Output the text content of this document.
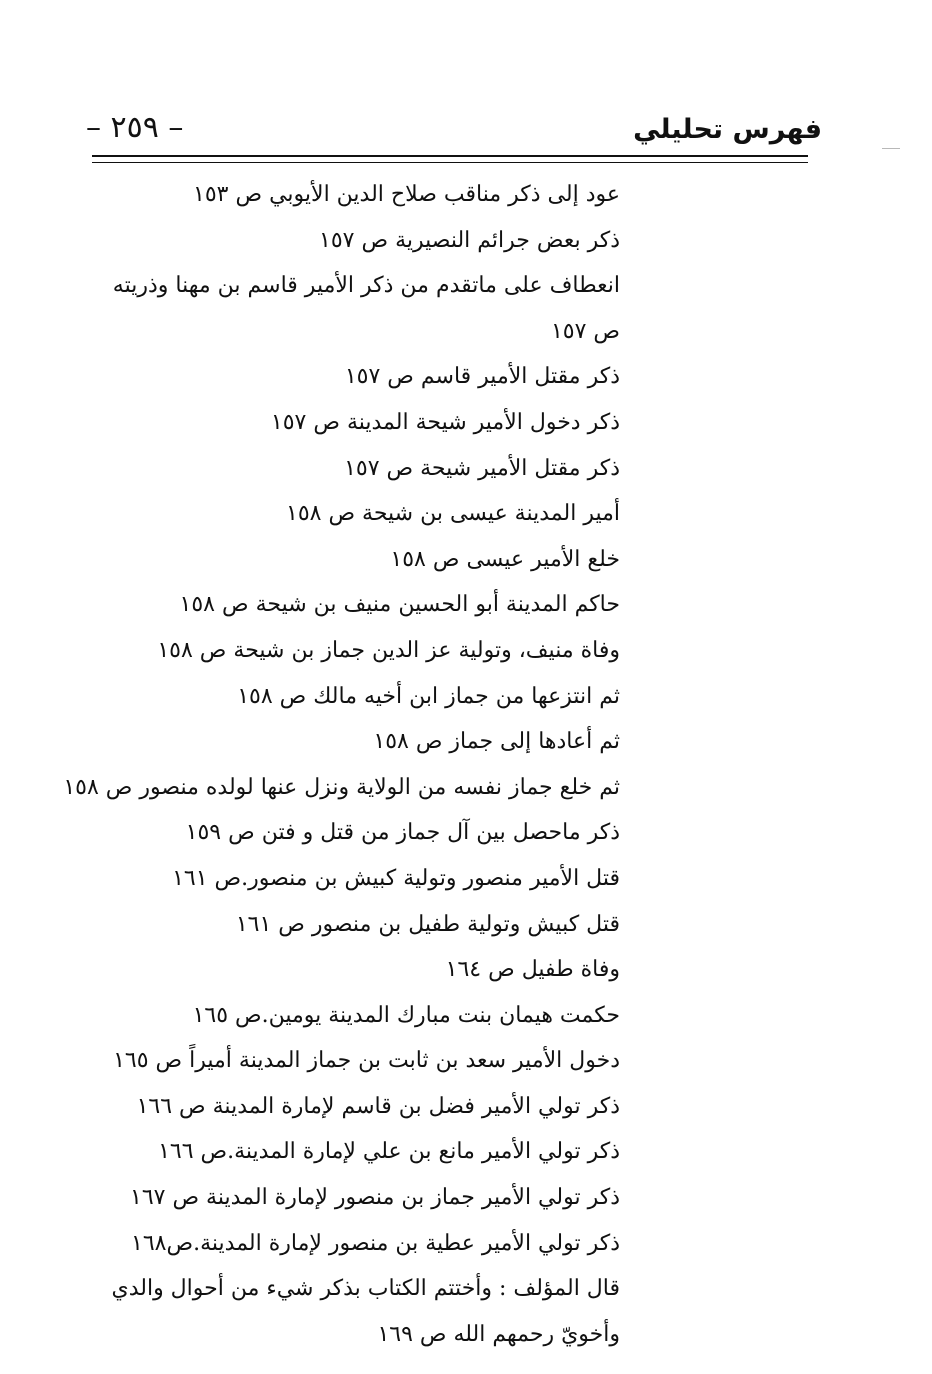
– ٢٥٩ –	فهرس تحليلي
عود إلى ذكر مناقب صلاح الدين الأيوبي ص ١٥٣
ذكر بعض جرائم النصيرية ص ١٥٧
انعطاف على ماتقدم من ذكر الأمير قاسم بن مهنا وذريته
ص ١٥٧
ذكر مقتل الأمير قاسم ص ١٥٧
ذكر دخول الأمير شيحة المدينة ص ١٥٧
ذكر مقتل الأمير شيحة ص ١٥٧
أمير المدينة عيسى بن شيحة ص ١٥٨
خلع الأمير عيسى ص ١٥٨
حاكم المدينة أبو الحسين منيف بن شيحة ص ١٥٨
وفاة منيف، وتولية عز الدين جماز بن شيحة ص ١٥٨
ثم انتزعها من جماز ابن أخيه مالك ص ١٥٨
ثم أعادها إلى جماز ص ١٥٨
ثم خلع جماز نفسه من الولاية ونزل عنها لولده منصور ص ١٥٨
ذكر ماحصل بين آل جماز من قتل و فتن ص ١٥٩
قتل الأمير منصور وتولية كبيش بن منصور.ص ١٦١
قتل كبيش وتولية طفيل بن منصور ص ١٦١
وفاة طفيل ص ١٦٤
حكمت هيمان بنت مبارك المدينة يومين.ص ١٦٥
دخول الأمير سعد بن ثابت بن جماز المدينة أميراً ص ١٦٥
ذكر تولي الأمير فضل بن قاسم لإمارة المدينة ص ١٦٦
ذكر تولي الأمير مانع بن علي لإمارة المدينة.ص ١٦٦
ذكر تولي الأمير جماز بن منصور لإمارة المدينة ص ١٦٧
ذكر تولي الأمير عطية بن منصور لإمارة المدينة.ص١٦٨
قال المؤلف : وأختتم الكتاب بذكر شيء من أحوال والدي
وأخويّ رحمهم الله ص ١٦٩
